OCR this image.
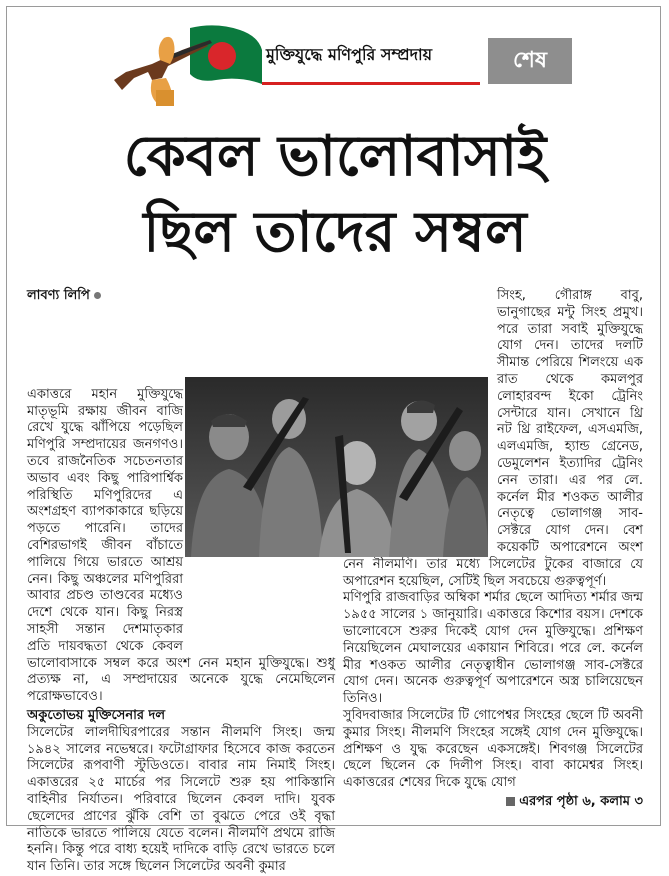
মুক্তিযুদ্ধে মণিপুরি সম্প্রদায়	শেষ
কেবল ভালোবাসাই
ছিল তাদের সম্বল

লাবণ্য লিপি

একাত্তরে মহান মুক্তিযুদ্ধে মাতৃভূমি রক্ষায় জীবন বাজি রেখে যুদ্ধে ঝাঁপিয়ে পড়েছিল মণিপুরি সম্প্রদায়ের জনগণও। তবে রাজনৈতিক সচেতনতার অভাব এবং কিছু পারিপার্শ্বিক পরিস্থিতি মণিপুরিদের এ অংশগ্রহণ ব্যাপকাকারে ছড়িয়ে পড়তে পারেনি। তাদের বেশিরভাগই জীবন বাঁচাতে পালিয়ে গিয়ে ভারতে আশ্রয় নেন। কিছু অঞ্চলের মণিপুরিরা আবার প্রচণ্ড তাণ্ডবের মধ্যেও দেশে থেকে যান। কিছু নিরস্ত্র সাহসী সন্তান দেশমাতৃকার প্রতি দায়বদ্ধতা থেকে কেবল ভালোবাসাকে সম্বল করে অংশ নেন মহান মুক্তিযুদ্ধে। শুধু প্রত্যক্ষ না, এ সম্প্রদায়ের অনেকে যুদ্ধে নেমেছিলেন পরোক্ষভাবেও।

অকুতোভয় মুক্তিসেনার দল

সিলেটের লালদীঘিরপারের সন্তান নীলমণি সিংহ। জন্ম ১৯৪২ সালের নভেম্বরে। ফটোগ্রাফার হিসেবে কাজ করতেন সিলেটের রূপবাণী স্টুডিওতে। বাবার নাম নিমাই সিংহ। একাত্তরের ২৫ মার্চের পর সিলেটে শুরু হয় পাকিস্তানি বাহিনীর নির্যাতন। পরিবারে ছিলেন কেবল দাদি। যুবক ছেলেদের প্রাণের ঝুঁকি বেশি তা বুঝতে পেরে ওই বৃদ্ধা নাতিকে ভারতে পালিয়ে যেতে বলেন। নীলমণি প্রথমে রাজি হননি। কিন্তু পরে বাধ্য হয়েই দাদিকে বাড়ি রেখে ভারতে চলে যান তিনি। তার সঙ্গে ছিলেন সিলেটের অবনী কুমার

সিংহ, গৌরাঙ্গ বাবু, ভানুগাছের মন্টু সিংহ প্রমুখ। পরে তারা সবাই মুক্তিযুদ্ধে যোগ দেন। তাদের দলটি সীমান্ত পেরিয়ে শিলংয়ে এক রাত থেকে কমলপুর লোহারবন্দ ইকো ট্রেনিং সেন্টারে যান। সেখানে থ্রি নট থ্রি রাইফেল, এসএমজি, এলএমজি, হ্যান্ড গ্রেনেড, ডেমুলেশন ইত্যাদির ট্রেনিং নেন তারা। এর পর লে. কর্নেল মীর শওকত আলীর নেতৃত্বে ভোলাগঞ্জ সাব-সেক্টরে যোগ দেন। বেশ কয়েকটি অপারেশনে অংশ নেন নীলমণি। তার মধ্যে সিলেটের টুকের বাজারে যে অপারেশন হয়েছিল, সেটিই ছিল সবচেয়ে গুরুত্বপূর্ণ।

মণিপুরি রাজবাড়ির অম্বিকা শর্মার ছেলে আদিত্য শর্মার জন্ম ১৯৫৫ সালের ১ জানুয়ারি। একাত্তরে কিশোর বয়স। দেশকে ভালোবেসে শুরুর দিকেই যোগ দেন মুক্তিযুদ্ধে। প্রশিক্ষণ নিয়েছিলেন মেঘালয়ের একায়ান শিবিরে। পরে লে. কর্নেল মীর শওকত আলীর নেতৃত্বাধীন ভোলাগঞ্জ সাব-সেক্টরে যোগ দেন। অনেক গুরুত্বপূর্ণ অপারেশনে অস্ত্র চালিয়েছেন তিনিও।

সুবিদবাজার সিলেটের টি গোপেশ্বর সিংহের ছেলে টি অবনী কুমার সিংহ। নীলমণি সিংহের সঙ্গেই যোগ দেন মুক্তিযুদ্ধে। প্রশিক্ষণ ও যুদ্ধ করেছেন একসঙ্গেই। শিবগঞ্জ সিলেটের ছেলে ছিলেন কে দিলীপ সিংহ। বাবা কামেশ্বর সিংহ। একাত্তরের শেষের দিকে যুদ্ধে যোগ

এরপর পৃষ্ঠা ৬, কলাম ৩
